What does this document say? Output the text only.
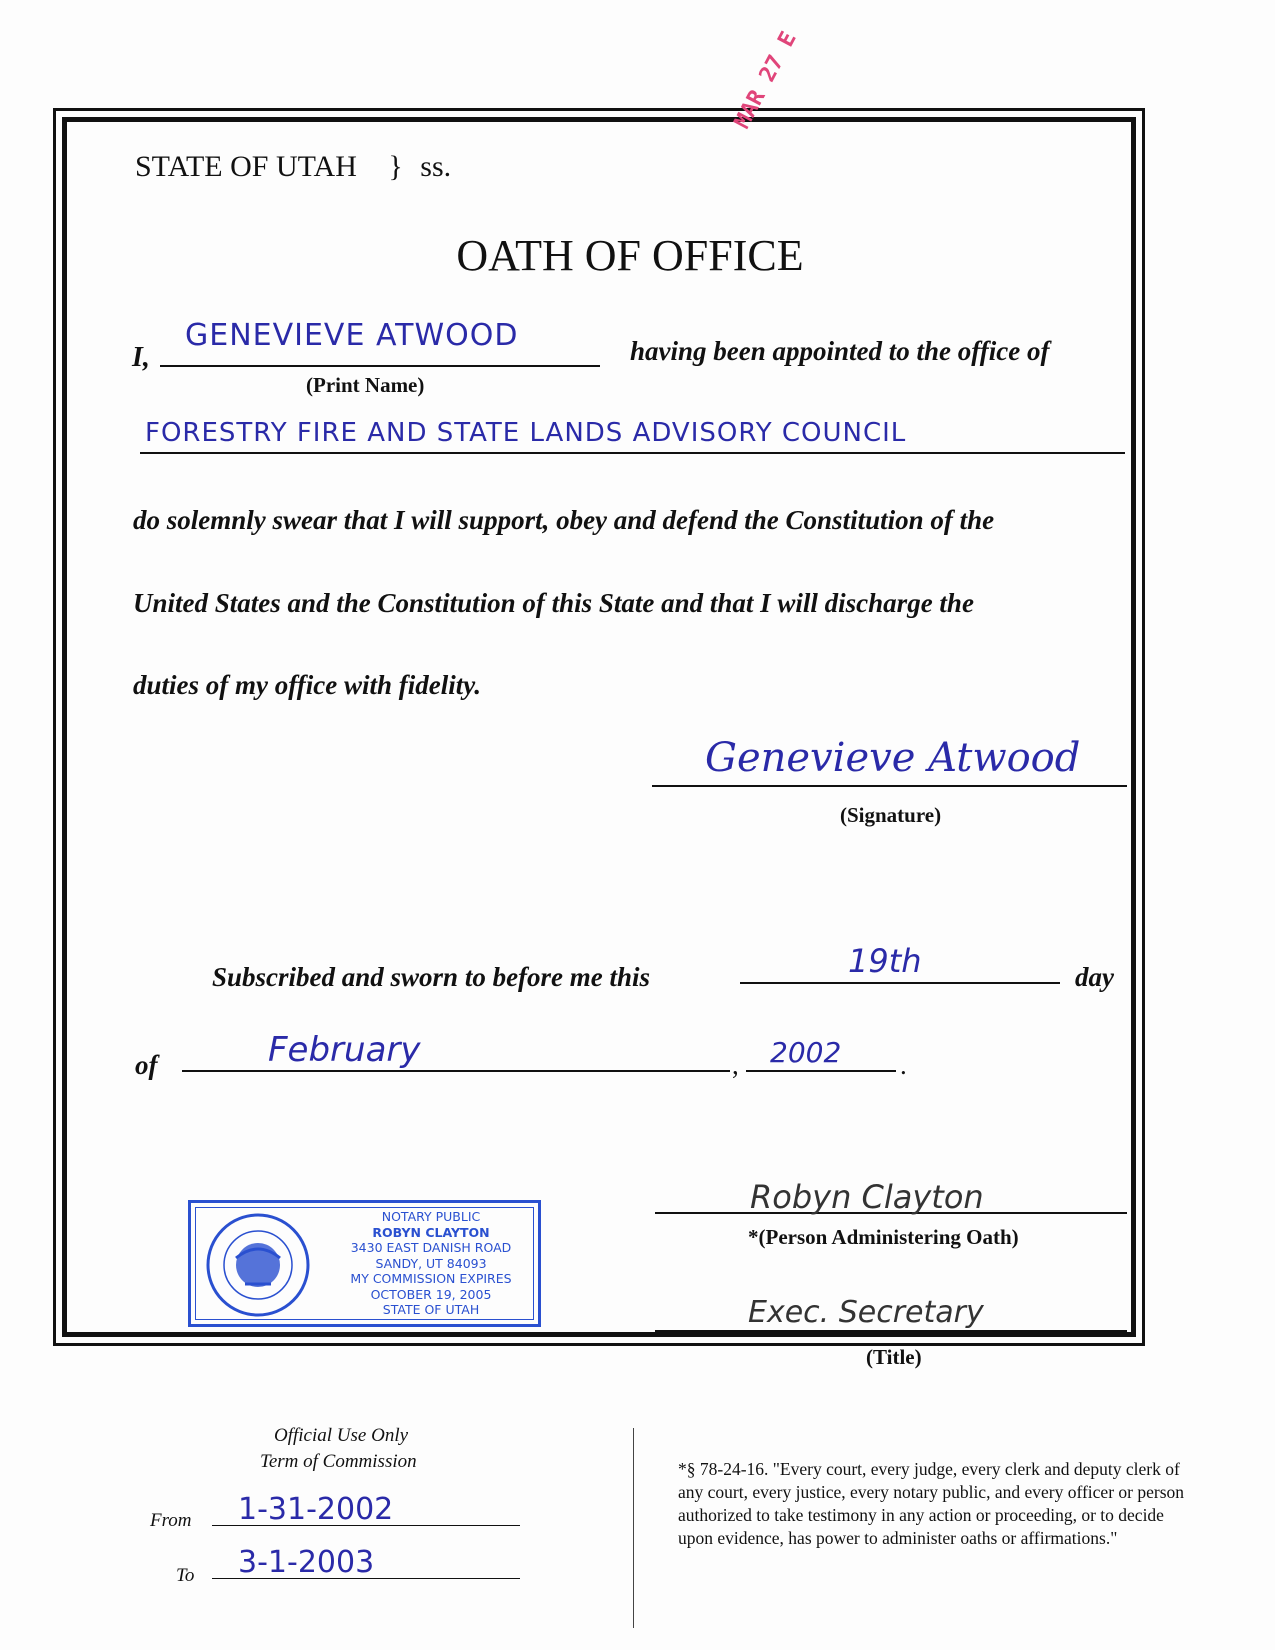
STATE OF UTAH } ss.
MAR 27 E
OATH OF OFFICE
I,
GENEVIEVE ATWOOD
(Print Name)
having been appointed to the office of
FORESTRY FIRE AND STATE LANDS ADVISORY COUNCIL
do solemnly swear that I will support, obey and defend the Constitution of the
United States and the Constitution of this State and that I will discharge the
duties of my office with fidelity.
Genevieve Atwood
(Signature)
Subscribed and sworn to before me this	19th	day
of	February	, 2002 .
NOTARY PUBLIC
ROBYN CLAYTON
3430 EAST DANISH ROAD
SANDY, UT 84093
MY COMMISSION EXPIRES
OCTOBER 19, 2005
STATE OF UTAH
Robyn Clayton
*(Person Administering Oath)
Exec. Secretary
(Title)
Official Use Only
Term of Commission
From 1-31-2002
To 3-1-2003
*§ 78-24-16. "Every court, every judge, every clerk and deputy clerk of any court, every justice, every notary public, and every officer or person authorized to take testimony in any action or proceeding, or to decide upon evidence, has power to administer oaths or affirmations."
